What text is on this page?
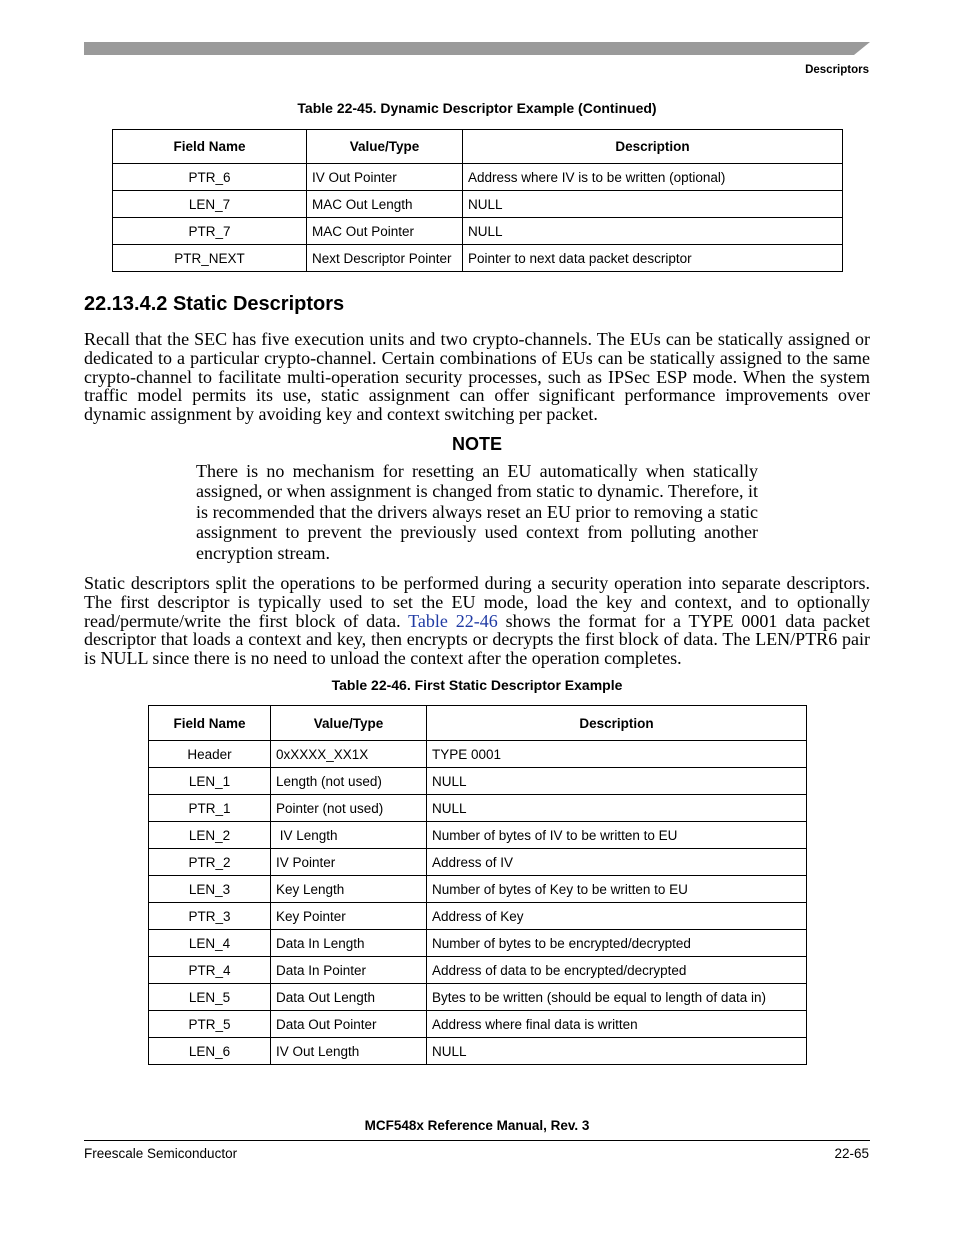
Descriptors
Table 22-45. Dynamic Descriptor Example (Continued)
Field Name	Value/Type	Description
PTR_6	IV Out Pointer	Address where IV is to be written (optional)
LEN_7	MAC Out Length	NULL
PTR_7	MAC Out Pointer	NULL
PTR_NEXT	Next Descriptor Pointer	Pointer to next data packet descriptor
22.13.4.2 Static Descriptors

Recall that the SEC has five execution units and two crypto-channels. The EUs can be statically assigned or dedicated to a particular crypto-channel. Certain combinations of EUs can be statically assigned to the same crypto-channel to facilitate multi-operation security processes, such as IPSec ESP mode. When the system traffic model permits its use, static assignment can offer significant performance improvements over dynamic assignment by avoiding key and context switching per packet.

NOTE

There is no mechanism for resetting an EU automatically when statically assigned, or when assignment is changed from static to dynamic. Therefore, it is recommended that the drivers always reset an EU prior to removing a static assignment to prevent the previously used context from polluting another encryption stream.

Static descriptors split the operations to be performed during a security operation into separate descriptors. The first descriptor is typically used to set the EU mode, load the key and context, and to optionally read/permute/write the first block of data. Table 22-46 shows the format for a TYPE 0001 data packet descriptor that loads a context and key, then encrypts or decrypts the first block of data. The LEN/PTR6 pair is NULL since there is no need to unload the context after the operation completes.

Table 22-46. First Static Descriptor Example
Field Name	Value/Type	Description
Header	0xXXXX_XX1X	TYPE 0001
LEN_1	Length (not used)	NULL
PTR_1	Pointer (not used)	NULL
LEN_2	IV Length	Number of bytes of IV to be written to EU
PTR_2	IV Pointer	Address of IV
LEN_3	Key Length	Number of bytes of Key to be written to EU
PTR_3	Key Pointer	Address of Key
LEN_4	Data In Length	Number of bytes to be encrypted/decrypted
PTR_4	Data In Pointer	Address of data to be encrypted/decrypted
LEN_5	Data Out Length	Bytes to be written (should be equal to length of data in)
PTR_5	Data Out Pointer	Address where final data is written
LEN_6	IV Out Length	NULL
MCF548x Reference Manual, Rev. 3
Freescale Semiconductor	22-65
